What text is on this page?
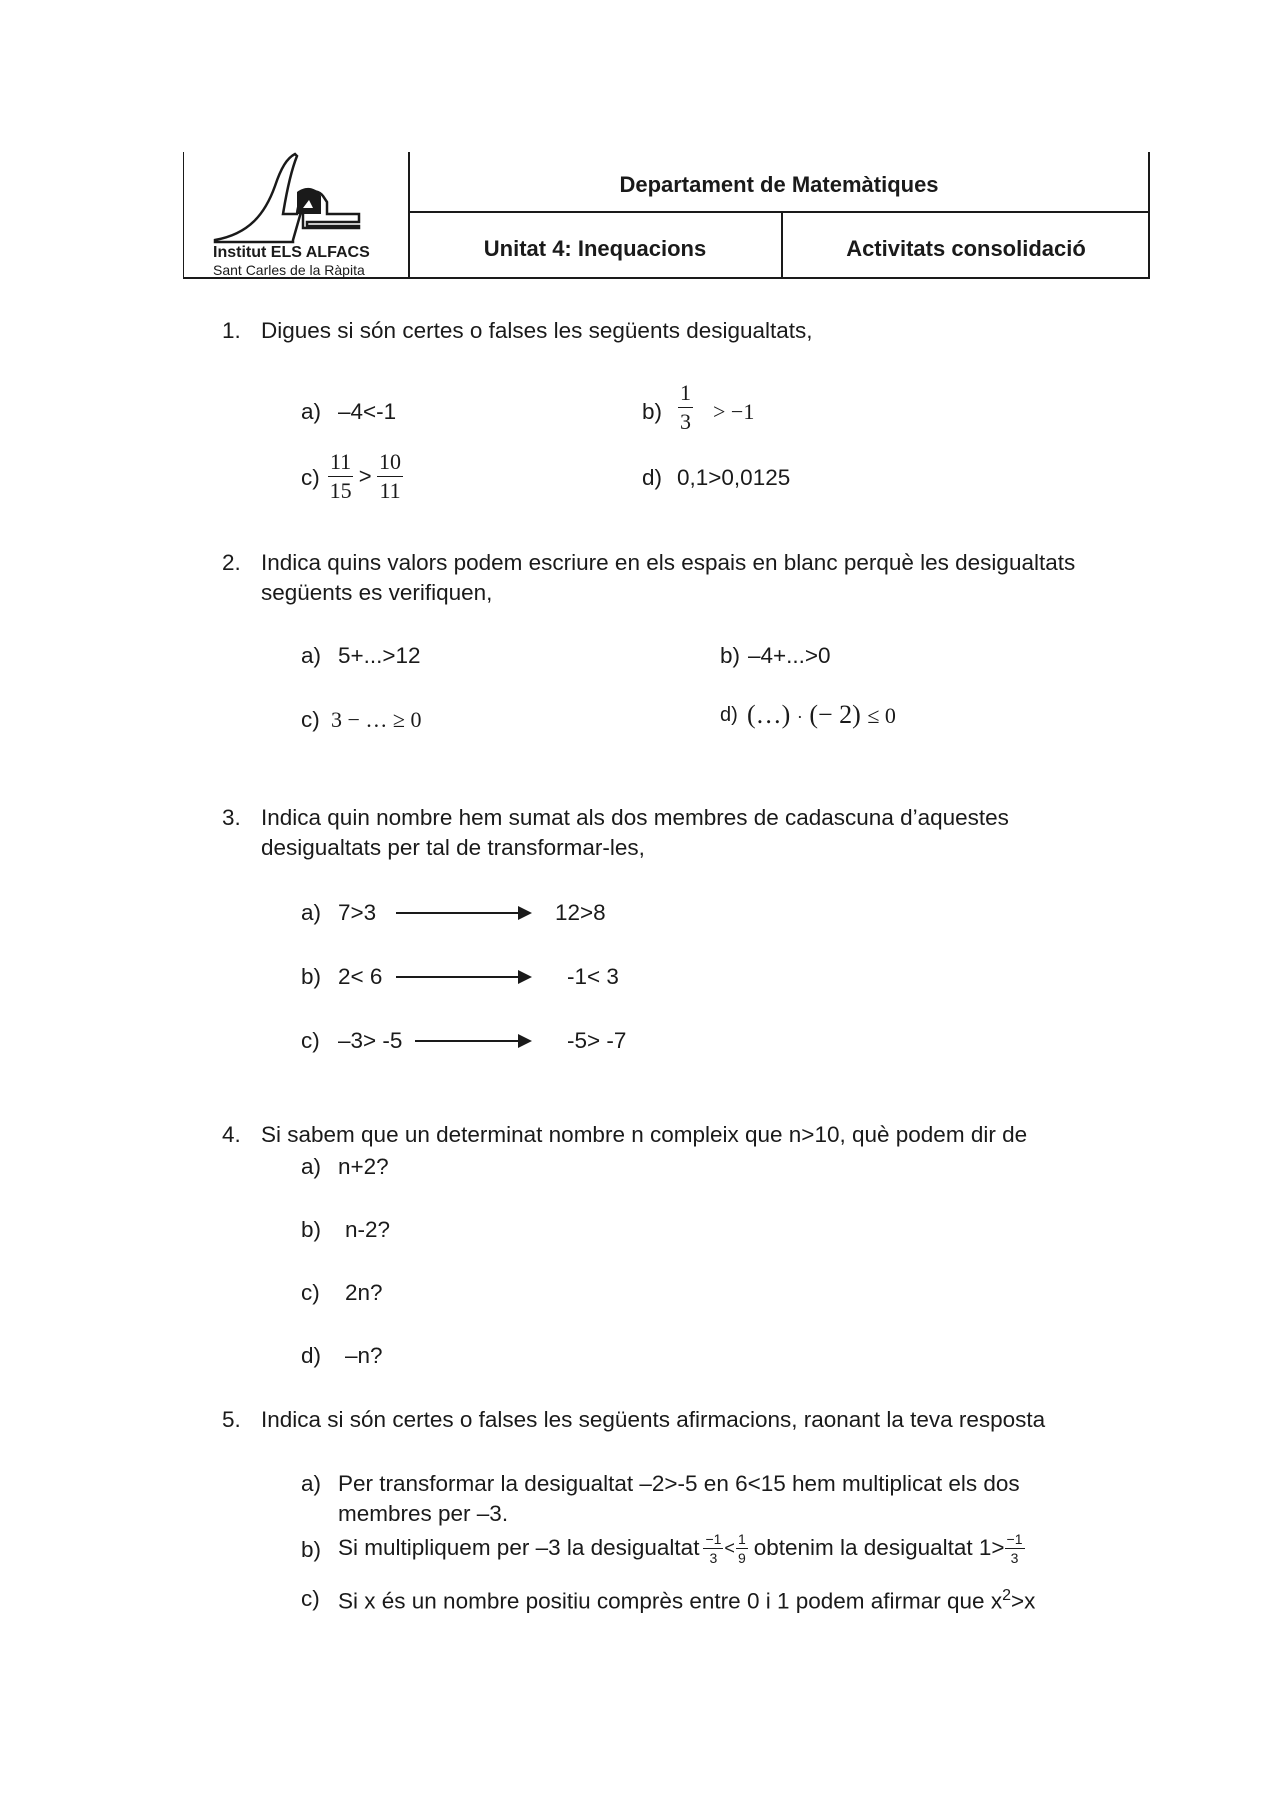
Institut ELS ALFACS
Sant Carles de la Ràpita
Departament de Matemàtiques
Unitat 4: Inequacions	Activitats consolidació
1. Digues si són certes o falses les següents desigualtats,
a) –4<-1	$b) \frac{1}{3} > -1$
$c) \frac{11}{15} > \frac{10}{11}$	d) 0,1>0,0125
2. Indica quins valors podem escriure en els espais en blanc perquè les desigualtats
següents es verifiquen,
a) 5+...>12	b) –4+...>0
c) 3 − … ≥ 0	d) (…) · (− 2) ≤ 0
3. Indica quin nombre hem sumat als dos membres de cadascuna d’aquestes
desigualtats per tal de transformar-les,
a) 7>3	12>8
b) 2< 6	-1< 3
c) –3> -5	-5> -7
4. Si sabem que un determinat nombre n compleix que n>10, què podem dir de
a) n+2?
b) n-2?
c) 2n?
d) –n?
5. Indica si són certes o falses les següents afirmacions, raonant la teva resposta
a) Per transformar la desigualtat –2>-5 en 6<15 hem multiplicat els dos
membres per –3.
b) Si multipliquem per –3 la desigualtat −1
3 < 1
9 obtenim la desigualtat 1> −1
3
c) Si x és un nombre positiu comprès entre 0 i 1 podem afirmar que $x^2>x$
